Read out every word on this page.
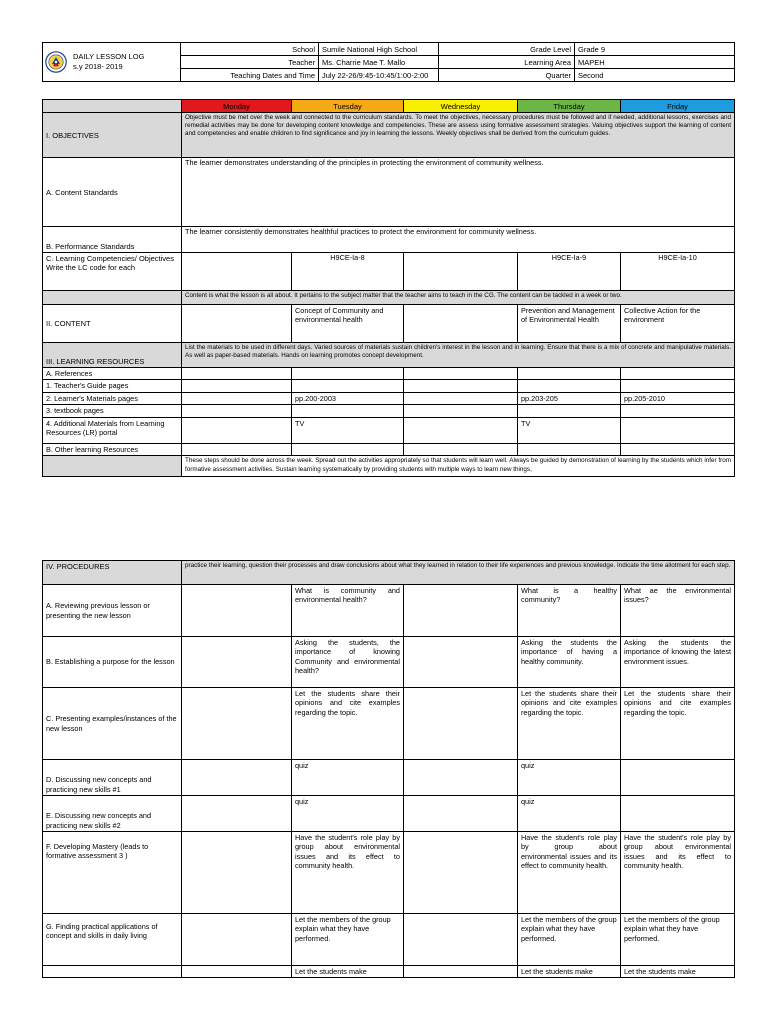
DAILY LESSON LOG
s.y 2018- 2019	School	Sumile National High School	Grade Level	Grade 9
	Teacher	Ms. Charrie Mae T. Mallo	Learning Area	MAPEH
	Teaching Dates and Time	July 22-26/9:45-10:45/1:00-2:00	Quarter	Second
	Monday	Tuesday	Wednesday	Thursday	Friday
I. OBJECTIVES	Objective must be met over the week and connected to the curriculum standards. To meet the objectives, necessary procedures must be followed and if needed, additional lessons, exercises and remedial activities may be done for developing content knowledge and competencies. These are assess using formative assessment strategies. Valuing objectives support the learning of content and competencies and enable children to find significance and joy in learning the lessons. Weekly objectives shall be derived from the curriculum guides.				
A. Content Standards	The learner demonstrates understanding of the principles in protecting the environment of community wellness.				
B. Performance Standards	The learner consistently demonstrates healthful practices to protect the environment for community wellness.				
C. Learning Competencies/ Objectives Write the LC code for each		H9CE-Ia-8		H9CE-Ia-9	H9CE-Ia-10
	Content is what the lesson is all about. It pertains to the subject matter that the teacher aims to teach in the CG. The content can be tackled in a week or two.				
II. CONTENT		Concept of Community and environmental health		Prevention and Management of Environmental Health	Collective Action for the environment
III. LEARNING RESOURCES	List the materials to be used in different days. Varied sources of materials sustain children's interest in the lesson and in learning. Ensure that there is a mix of concrete and manipulative materials. As well as paper-based materials. Hands on learning promotes concept development.				
A. References					
1. Teacher's Guide pages					
2. Learner's Materials pages		pp.200-2003		pp.203-205	pp.205-2010
3. textbook pages					
4. Additional Materials from Learning Resources (LR) portal		TV		TV	
B. Other learning Resources					
	These steps should be done across the week. Spread out the activities appropriately so that students will learn well. Always be guided by demonstration of learning by the students which infer from formative assessment activities. Sustain learning systematically by providing students with multiple ways to learn new things,				
IV. PROCEDURES	practice their learning, question their processes and draw conclusions about what they learned in relation to their life experiences and previous knowledge. Indicate the time allotment for each step.				
A. Reviewing previous lesson or presenting the new lesson		What is community and environmental health?		What is a healthy community?	What ae the environmental issues?
B. Establishing a purpose for the lesson		Asking the students, the importance of knowing Community and environmental health?		Asking the students the importance of having a healthy community.	Asking the students the importance of knowing the latest environment issues.
C. Presenting examples/instances of the new lesson		Let the students share their opinions and cite examples regarding the topic.		Let the students share their opinions and cite examples regarding the topic.	Let the students share their opinions and cite examples regarding the topic.
D. Discussing new concepts and practicing new skills #1		quiz		quiz	
E. Discussing new concepts and practicing new skills #2		quiz		quiz	
F. Developing Mastery (leads to formative assessment 3 )		Have the student's role play by group about environmental issues and its effect to community health.		Have the student's role play by group about environmental issues and its effect to community health.	Have the student's role play by group about environmental issues and its effect to community health.
G. Finding practical applications of concept and skills in daily living		Let the members of the group explain what they have performed.		Let the members of the group explain what they have performed.	Let the members of the group explain what they have performed.
		Let the students make		Let the students make	Let the students make
